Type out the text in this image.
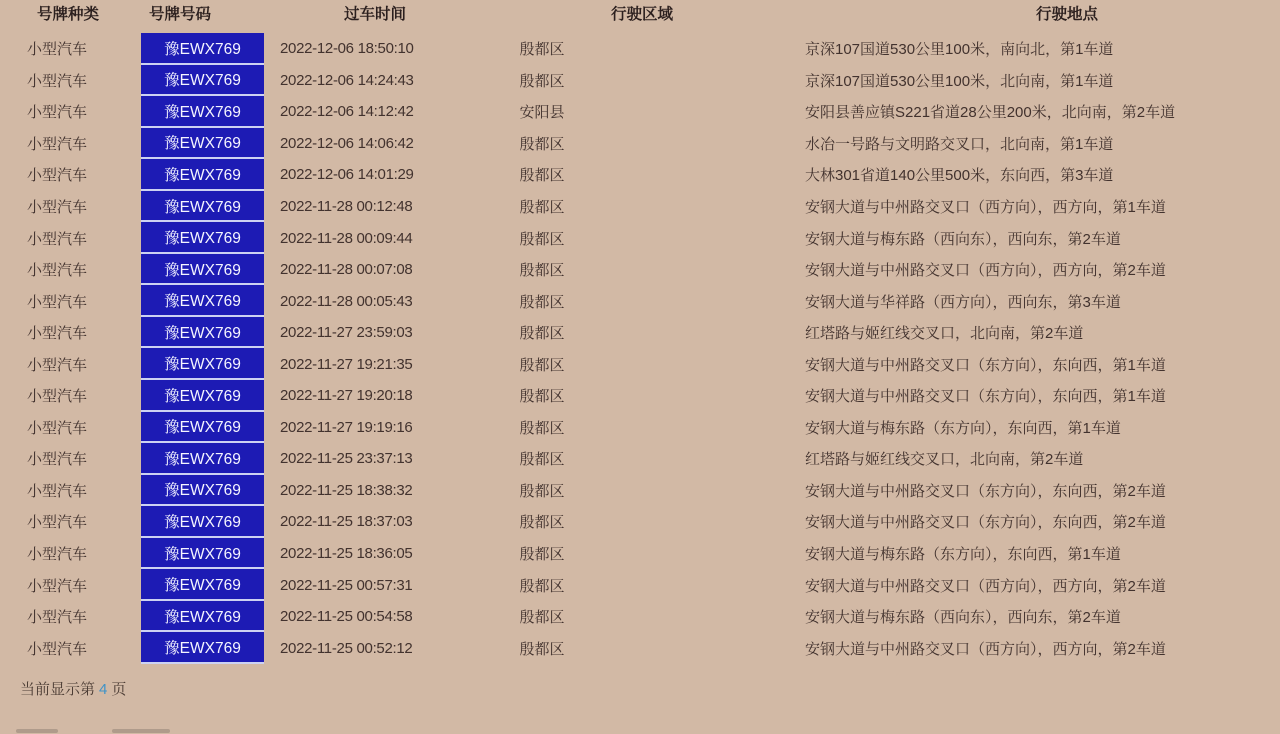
号牌种类	号牌号码	过车时间	行驶区域	行驶地点
小型汽车	豫EWX769	2022-12-06 18:50:10	殷都区	京深107国道530公里100米，南向北，第1车道
小型汽车	豫EWX769	2022-12-06 14:24:43	殷都区	京深107国道530公里100米，北向南，第1车道
小型汽车	豫EWX769	2022-12-06 14:12:42	安阳县	安阳县善应镇S221省道28公里200米，北向南，第2车道
小型汽车	豫EWX769	2022-12-06 14:06:42	殷都区	水冶一号路与文明路交叉口，北向南，第1车道
小型汽车	豫EWX769	2022-12-06 14:01:29	殷都区	大林301省道140公里500米，东向西，第3车道
小型汽车	豫EWX769	2022-11-28 00:12:48	殷都区	安钢大道与中州路交叉口（西方向），西方向，第1车道
小型汽车	豫EWX769	2022-11-28 00:09:44	殷都区	安钢大道与梅东路（西向东），西向东，第2车道
小型汽车	豫EWX769	2022-11-28 00:07:08	殷都区	安钢大道与中州路交叉口（西方向），西方向，第2车道
小型汽车	豫EWX769	2022-11-28 00:05:43	殷都区	安钢大道与华祥路（西方向），西向东，第3车道
小型汽车	豫EWX769	2022-11-27 23:59:03	殷都区	红塔路与姬红线交叉口，北向南，第2车道
小型汽车	豫EWX769	2022-11-27 19:21:35	殷都区	安钢大道与中州路交叉口（东方向），东向西，第1车道
小型汽车	豫EWX769	2022-11-27 19:20:18	殷都区	安钢大道与中州路交叉口（东方向），东向西，第1车道
小型汽车	豫EWX769	2022-11-27 19:19:16	殷都区	安钢大道与梅东路（东方向），东向西，第1车道
小型汽车	豫EWX769	2022-11-25 23:37:13	殷都区	红塔路与姬红线交叉口，北向南，第2车道
小型汽车	豫EWX769	2022-11-25 18:38:32	殷都区	安钢大道与中州路交叉口（东方向），东向西，第2车道
小型汽车	豫EWX769	2022-11-25 18:37:03	殷都区	安钢大道与中州路交叉口（东方向），东向西，第2车道
小型汽车	豫EWX769	2022-11-25 18:36:05	殷都区	安钢大道与梅东路（东方向），东向西，第1车道
小型汽车	豫EWX769	2022-11-25 00:57:31	殷都区	安钢大道与中州路交叉口（西方向），西方向，第2车道
小型汽车	豫EWX769	2022-11-25 00:54:58	殷都区	安钢大道与梅东路（西向东），西向东，第2车道
小型汽车	豫EWX769	2022-11-25 00:52:12	殷都区	安钢大道与中州路交叉口（西方向），西方向，第2车道
当前显示第 4 页
